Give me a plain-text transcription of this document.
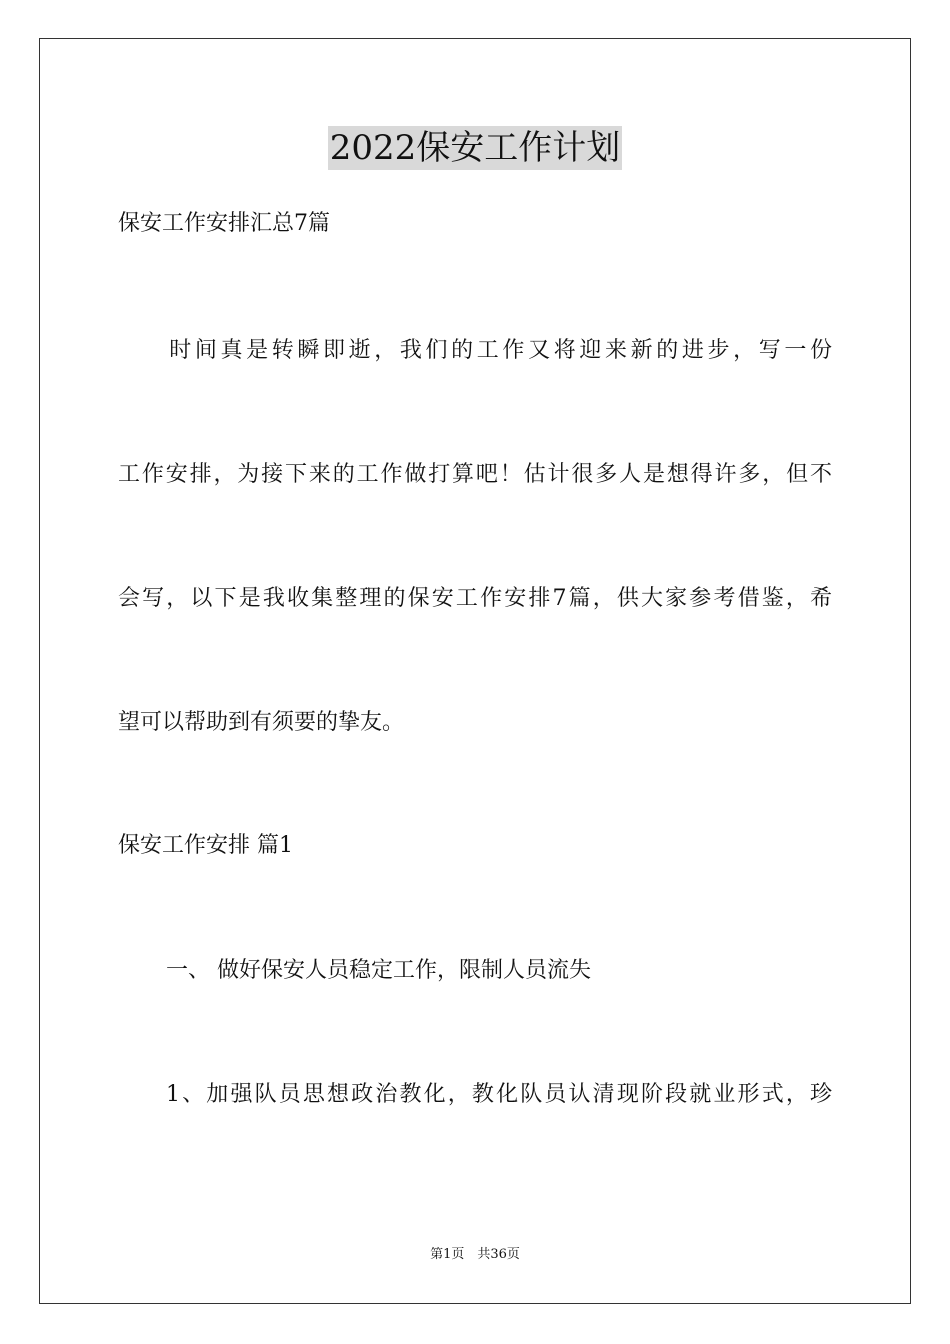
2022保安工作计划
保安工作安排汇总7篇
　　时间真是转瞬即逝，我们的工作又将迎来新的进步，写一份
工作安排，为接下来的工作做打算吧！估计很多人是想得许多，但不
会写，以下是我收集整理的保安工作安排7篇，供大家参考借鉴，希
望可以帮助到有须要的挚友。
保安工作安排 篇1
一、 做好保安人员稳定工作，限制人员流失
1、加强队员思想政治教化，教化队员认清现阶段就业形式，珍
第1页　共36页
